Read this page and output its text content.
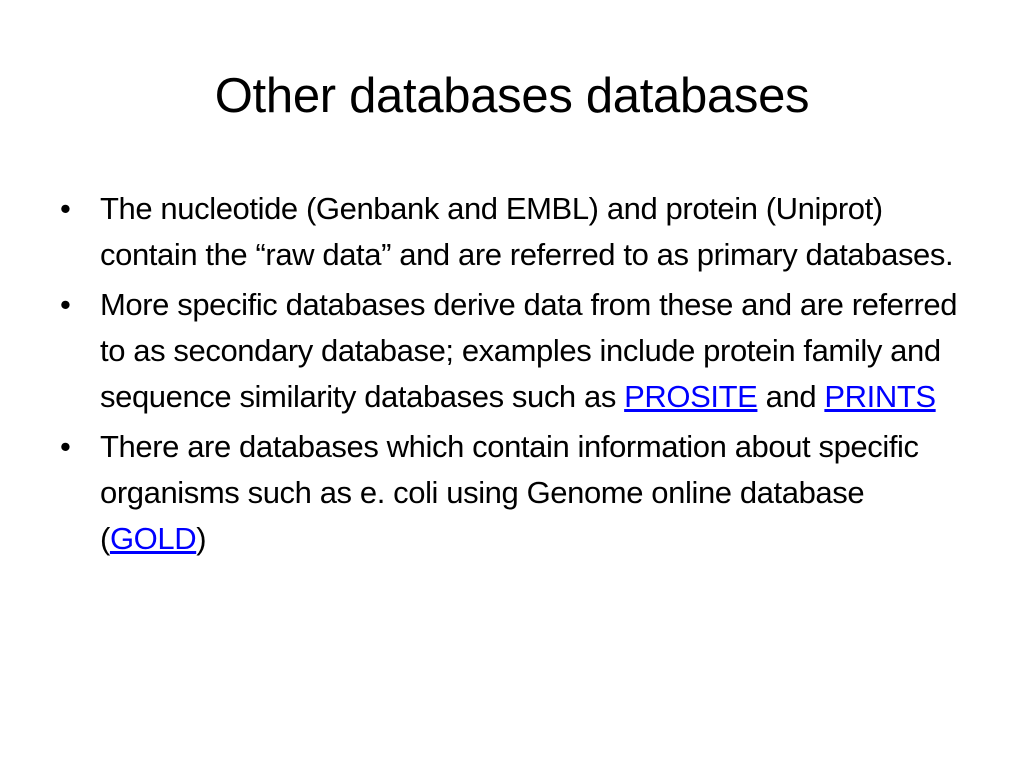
Other databases databases
• The nucleotide (Genbank and EMBL) and protein (Uniprot) contain the “raw data” and are referred to as primary databases.
• More specific databases derive data from these and are referred to as secondary database; examples include protein family and sequence similarity databases such as PROSITE and PRINTS
• There are databases which contain information about specific organisms such as e. coli using Genome online database (GOLD)
